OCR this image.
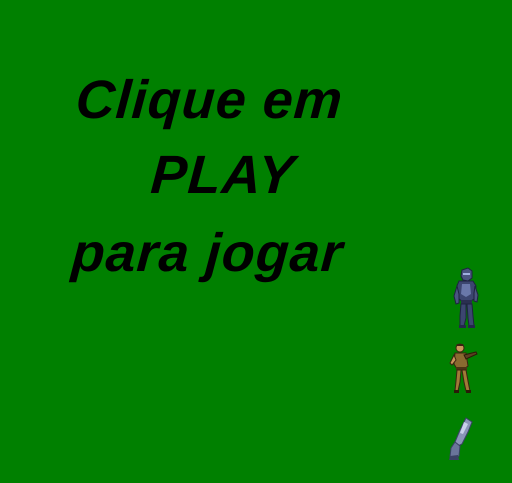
Clique em
PLAY
para jogar
